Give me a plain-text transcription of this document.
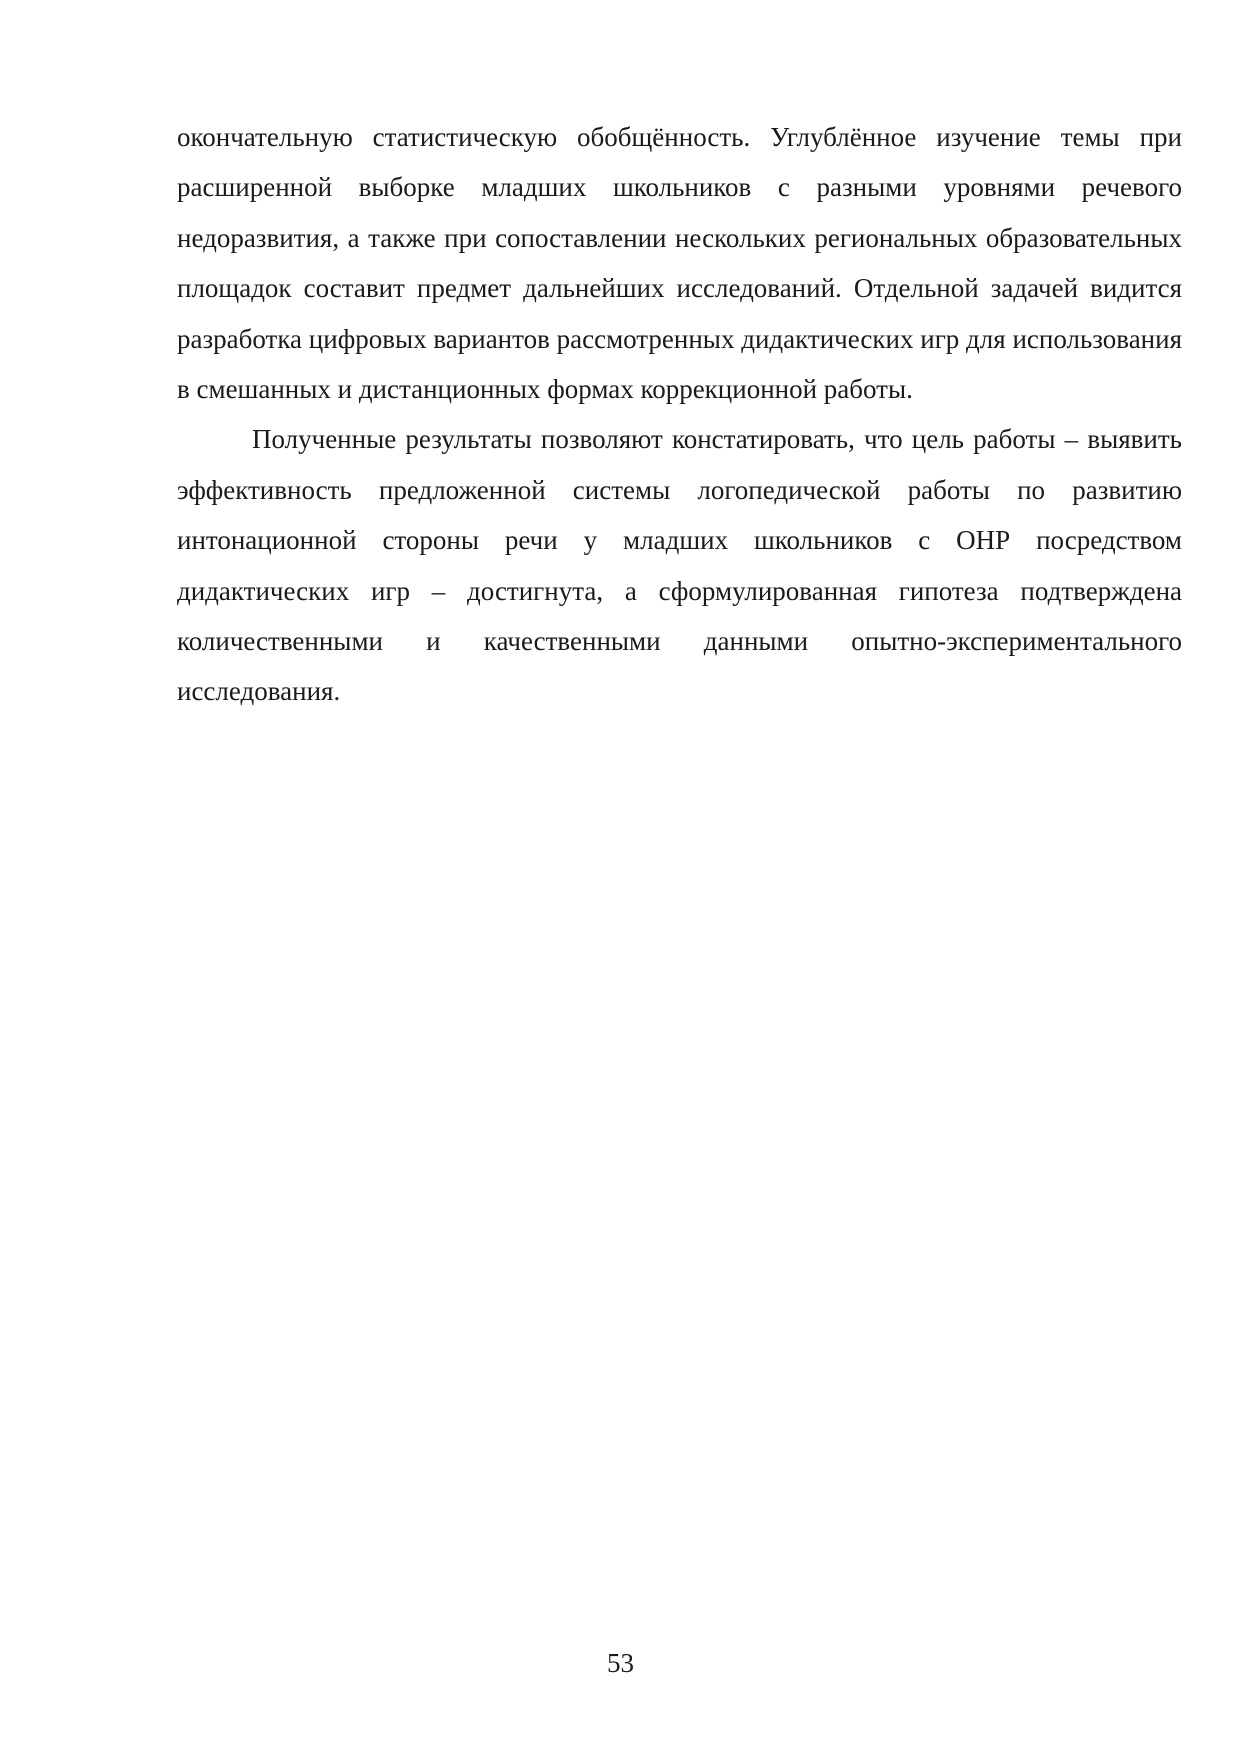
окончательную статистическую обобщённость. Углублённое изучение темы при расширенной выборке младших школьников с разными уровнями речевого недоразвития, а также при сопоставлении нескольких региональных образовательных площадок составит предмет дальнейших исследований. Отдельной задачей видится разработка цифровых вариантов рассмотренных дидактических игр для использования в смешанных и дистанционных формах коррекционной работы.

Полученные результаты позволяют констатировать, что цель работы – выявить эффективность предложенной системы логопедической работы по развитию интонационной стороны речи у младших школьников с ОНР посредством дидактических игр – достигнута, а сформулированная гипотеза подтверждена количественными и качественными данными опытно-экспериментального исследования.

53
